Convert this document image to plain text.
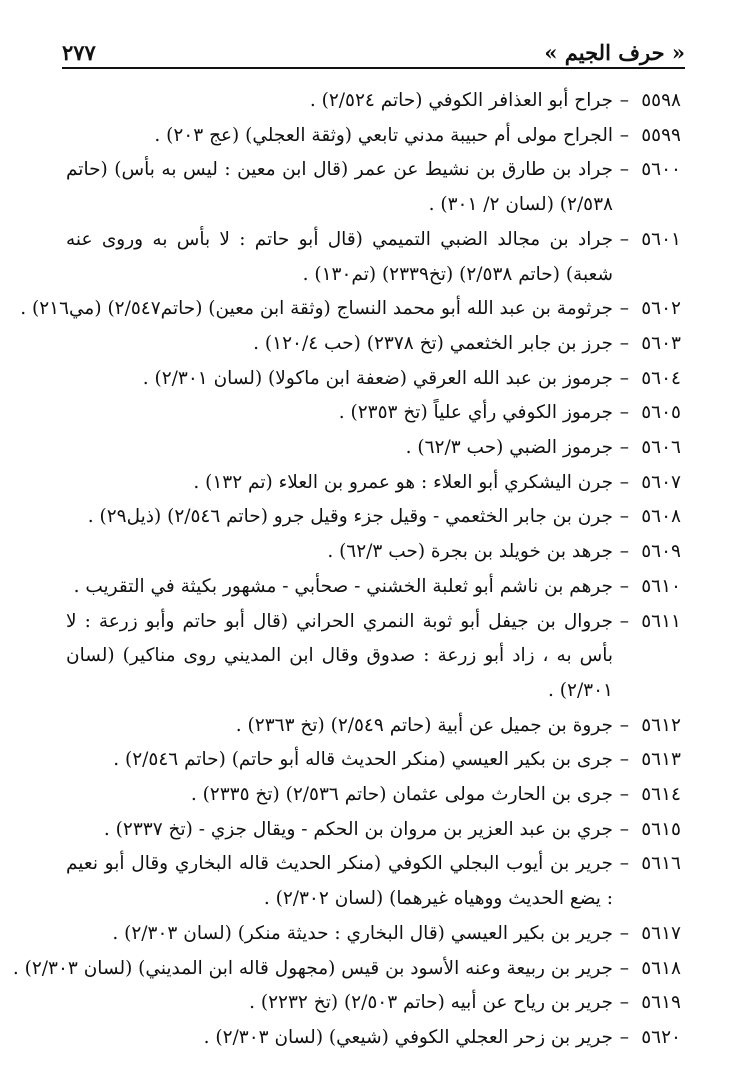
« حرف الجيم »
٢٧٧
٥٥٩٨
–
جراح أبو العذافر الكوفي (حاتم ٢/٥٢٤) .
٥٥٩٩
–
الجراح مولى أم حبيبة مدني تابعي (وثقة العجلي) (عج ٢٠٣) .
٥٦٠٠
–
جراد بن طارق بن نشيط عن عمر (قال ابن معين : ليس به بأس) (حاتم ٢/٥٣٨) (لسان ٢/ ٣٠١) .
٥٦٠١
–
جراد بن مجالد الضبي التميمي (قال أبو حاتم : لا بأس به وروى عنه شعبة) (حاتم ٢/٥٣٨) (تخ٢٣٣٩) (تم١٣٠) .
٥٦٠٢
–
جرثومة بن عبد الله أبو محمد النساج (وثقة ابن معين) (حاتم٢/٥٤٧) (مي٢١٦) .
٥٦٠٣
–
جرز بن جابر الخثعمي (تخ ٢٣٧٨) (حب ١٢٠/٤) .
٥٦٠٤
–
جرموز بن عبد الله العرقي (ضعفة ابن ماكولا) (لسان ٢/٣٠١) .
٥٦٠٥
–
جرموز الكوفي رأي علياً (تخ ٢٣٥٣) .
٥٦٠٦
–
جرموز الضبي (حب ٦٢/٣) .
٥٦٠٧
–
جرن اليشكري أبو العلاء : هو عمرو بن العلاء (تم ١٣٢) .
٥٦٠٨
–
جرن بن جابر الخثعمي - وقيل جزء وقيل جرو (حاتم ٢/٥٤٦) (ذيل٢٩) .
٥٦٠٩
–
جرهد بن خويلد بن بجرة (حب ٦٢/٣) .
٥٦١٠
–
جرهم بن ناشم أبو ثعلبة الخشني - صحأبي - مشهور بكيثة في التقريب .
٥٦١١
–
جروال بن جيفل أبو ثوبة النمري الحراني (قال أبو حاتم وأبو زرعة : لا بأس به ، زاد أبو زرعة : صدوق وقال ابن المديني روى مناكير) (لسان ٢/٣٠١) .
٥٦١٢
–
جروة بن جميل عن أبية (حاتم ٢/٥٤٩) (تخ ٢٣٦٣) .
٥٦١٣
–
جرى بن بكير العيسي (منكر الحديث قاله أبو حاتم) (حاتم ٢/٥٤٦) .
٥٦١٤
–
جرى بن الحارث مولى عثمان (حاتم ٢/٥٣٦) (تخ ٢٣٣٥) .
٥٦١٥
–
جري بن عبد العزير بن مروان بن الحكم - ويقال جزي - (تخ ٢٣٣٧) .
٥٦١٦
–
جرير بن أيوب البجلي الكوفي (منكر الحديث قاله البخاري وقال أبو نعيم : يضع الحديث ووهياه غيرهما) (لسان ٢/٣٠٢) .
٥٦١٧
–
جرير بن بكير العيسي (قال البخاري : حديثة منكر) (لسان ٢/٣٠٣) .
٥٦١٨
–
جرير بن ربيعة وعنه الأسود بن قيس (مجهول قاله ابن المديني) (لسان ٢/٣٠٣) .
٥٦١٩
–
جرير بن رياح عن أبيه (حاتم ٢/٥٠٣) (تخ ٢٢٣٢) .
٥٦٢٠
–
جرير بن زحر العجلي الكوفي (شيعي) (لسان ٢/٣٠٣) .
